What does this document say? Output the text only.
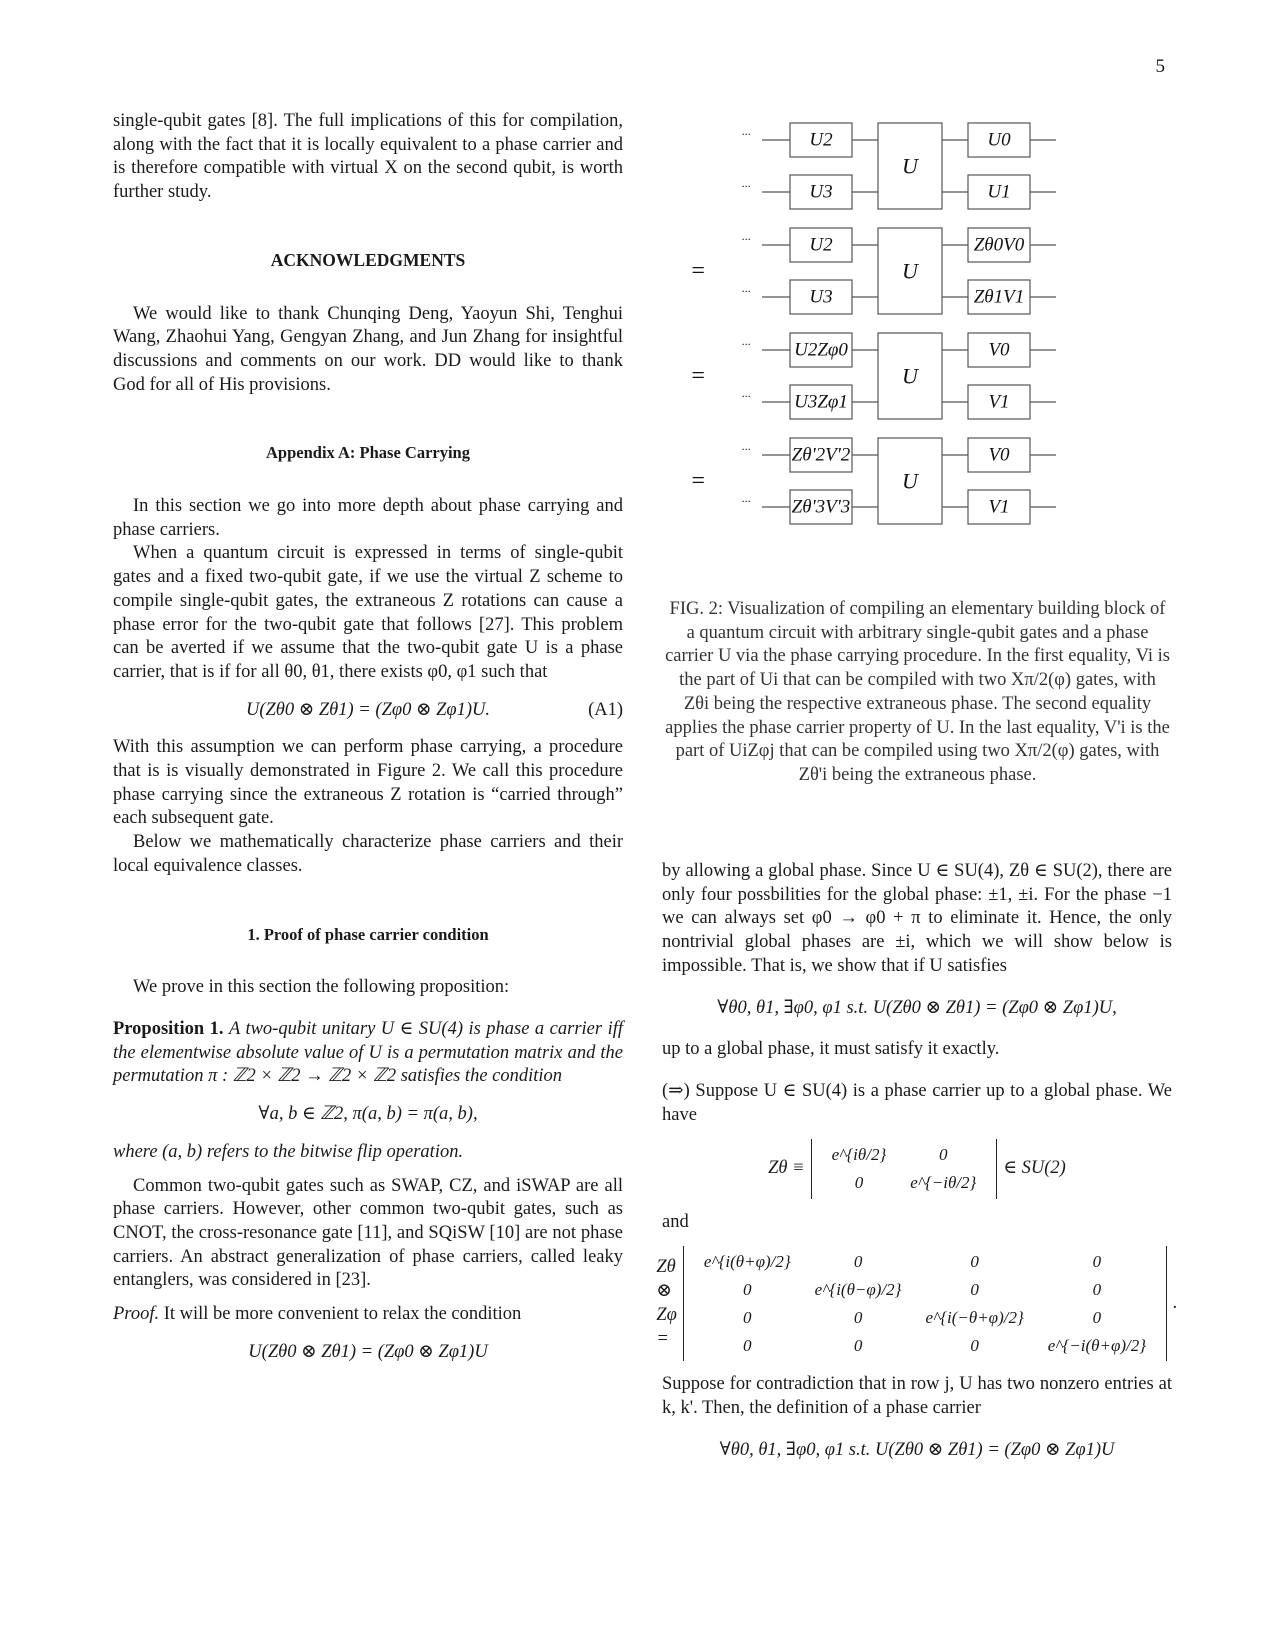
5

single-qubit gates [8]. The full implications of this for compilation, along with the fact that it is locally equivalent to a phase carrier and is therefore compatible with virtual X on the second qubit, is worth further study.

ACKNOWLEDGMENTS

We would like to thank Chunqing Deng, Yaoyun Shi, Tenghui Wang, Zhaohui Yang, Gengyan Zhang, and Jun Zhang for insightful discussions and comments on our work. DD would like to thank God for all of His provisions.

Appendix A: Phase Carrying

In this section we go into more depth about phase carrying and phase carriers.

When a quantum circuit is expressed in terms of single-qubit gates and a fixed two-qubit gate, if we use the virtual Z scheme to compile single-qubit gates, the extraneous Z rotations can cause a phase error for the two-qubit gate that follows [27]. This problem can be averted if we assume that the two-qubit gate U is a phase carrier, that is if for all θ0, θ1, there exists φ0, φ1 such that

U(Zθ0 ⊗ Zθ1) = (Zφ0 ⊗ Zφ1)U.	(A1)

With this assumption we can perform phase carrying, a procedure that is is visually demonstrated in Figure 2. We call this procedure phase carrying since the extraneous Z rotation is “carried through” each subsequent gate.

Below we mathematically characterize phase carriers and their local equivalence classes.

1. Proof of phase carrier condition

We prove in this section the following proposition:

Proposition 1. A two-qubit unitary U ∈ SU(4) is phase a carrier iff the elementwise absolute value of U is a permutation matrix and the permutation π : ℤ2 × ℤ2 → ℤ2 × ℤ2 satisfies the condition

∀a, b ∈ ℤ2, π(a, b) = π(a, b),

where (a, b) refers to the bitwise flip operation.

Common two-qubit gates such as SWAP, CZ, and iSWAP are all phase carriers. However, other common two-qubit gates, such as CNOT, the cross-resonance gate [11], and SQiSW [10] are not phase carriers. An abstract generalization of phase carriers, called leaky entanglers, was considered in [23].

Proof. It will be more convenient to relax the condition

U(Zθ0 ⊗ Zθ1) = (Zφ0 ⊗ Zφ1)U
···	U2	U0
···	U3	U1
U
=
···	U2	Zθ0V0
···	U3	Zθ1V1
U
=
··· U2Zφ0	V0
··· U3Zφ1	V1
U
=
··· Zθ'2V'2	V0
··· Zθ'3V'3	V1
U
FIG. 2: Visualization of compiling an elementary building block of a quantum circuit with arbitrary single-qubit gates and a phase carrier U via the phase carrying procedure. In the first equality, Vi is the part of Ui that can be compiled with two Xπ/2(φ) gates, with Zθi being the respective extraneous phase. The second equality applies the phase carrier property of U. In the last equality, V'i is the part of UiZφj that can be compiled using two Xπ/2(φ) gates, with Zθ'i being the extraneous phase.

by allowing a global phase. Since U ∈ SU(4), Zθ ∈ SU(2), there are only four possbilities for the global phase: ±1, ±i. For the phase −1 we can always set φ0 → φ0 + π to eliminate it. Hence, the only nontrivial global phases are ±i, which we will show below is impossible. That is, we show that if U satisfies

∀θ0, θ1, ∃φ0, φ1 s.t. U(Zθ0 ⊗ Zθ1) = (Zφ0 ⊗ Zφ1)U,

up to a global phase, it must satisfy it exactly.

(⇒) Suppose U ∈ SU(4) is a phase carrier up to a global phase. We have

Zθ ≡
e^{iθ/2}	0
0	e^{−iθ/2}
∈ SU(2)

and

Zθ ⊗ Zφ =
e^{i(θ+φ)/2}	0	0	0
0	e^{i(θ−φ)/2}	0	0
0	0	e^{i(−θ+φ)/2}	0
0	0	0	e^{−i(θ+φ)/2}
.

Suppose for contradiction that in row j, U has two nonzero entries at k, k'. Then, the definition of a phase carrier

∀θ0, θ1, ∃φ0, φ1 s.t. U(Zθ0 ⊗ Zθ1) = (Zφ0 ⊗ Zφ1)U
